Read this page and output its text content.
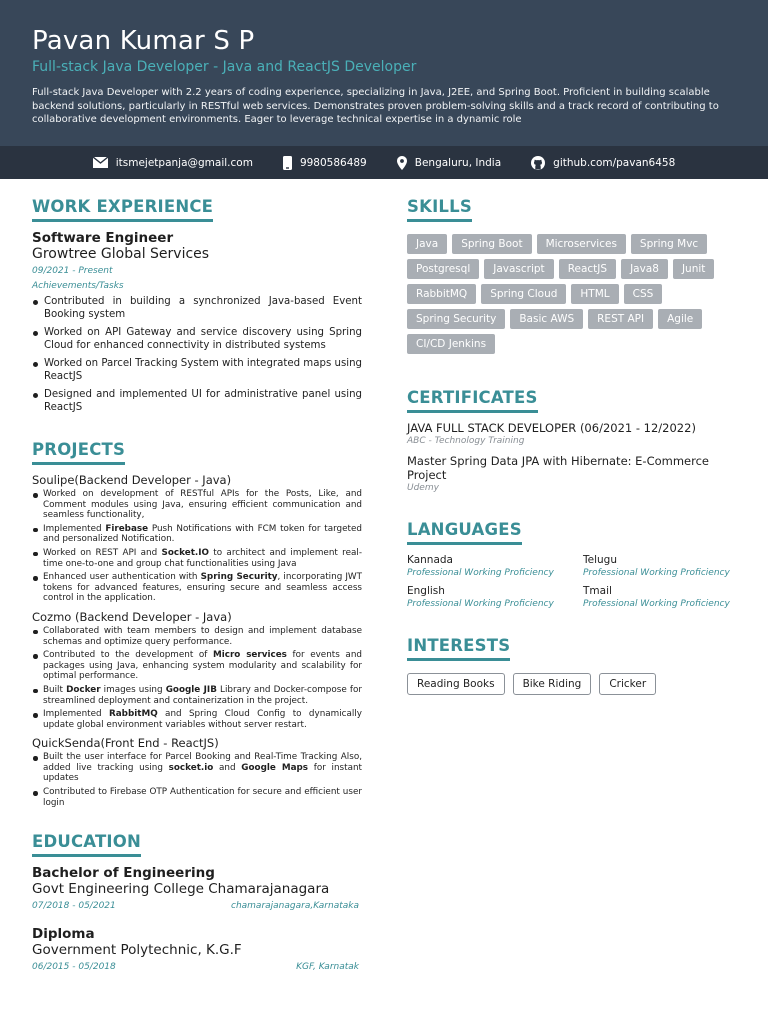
Pavan Kumar S P
Full-stack Java Developer - Java and ReactJS Developer

Full-stack Java Developer with 2.2 years of coding experience, specializing in Java, J2EE, and Spring Boot. Proficient in building scalable backend solutions, particularly in RESTful web services. Demonstrates proven problem-solving skills and a track record of contributing to collaborative development environments. Eager to leverage technical expertise in a dynamic role

itsmejetpanja@gmail.com	9980586489	Bengaluru, India	github.com/pavan6458
WORK EXPERIENCE
Software Engineer
Growtree Global Services
09/2021 - Present
Achievements/Tasks
Contributed in building a synchronized Java-based Event Booking system
Worked on API Gateway and service discovery using Spring Cloud for enhanced connectivity in distributed systems
Worked on Parcel Tracking System with integrated maps using ReactJS
Designed and implemented UI for administrative panel using ReactJS
PROJECTS
Soulipe(Backend Developer - Java)
Worked on development of RESTful APIs for the Posts, Like, and Comment modules using Java, ensuring efficient communication and seamless functionality,
Implemented Firebase Push Notifications with FCM token for targeted and personalized Notification.
Worked on REST API and Socket.IO to architect and implement real-time one-to-one and group chat functionalities using Java
Enhanced user authentication with Spring Security, incorporating JWT tokens for advanced features, ensuring secure and seamless access control in the application.
Cozmo (Backend Developer - Java)
Collaborated with team members to design and implement database schemas and optimize query performance.
Contributed to the development of Micro services for events and packages using Java, enhancing system modularity and scalability for optimal performance.
Built Docker images using Google JIB Library and Docker-compose for streamlined deployment and containerization in the project.
Implemented RabbitMQ and Spring Cloud Config to dynamically update global environment variables without server restart.
QuickSenda(Front End - ReactJS)
Built the user interface for Parcel Booking and Real-Time Tracking Also, added live tracking using socket.io and Google Maps for instant updates
Contributed to Firebase OTP Authentication for secure and efficient user login
EDUCATION
Bachelor of Engineering
Govt Engineering College Chamarajanagara
07/2018 - 05/2021	chamarajanagara,Karnataka
Diploma
Government Polytechnic, K.G.F
06/2015 - 05/2018	KGF, Karnatak
SKILLS
Java	Spring Boot	Microservices	Spring Mvc
Postgresql	Javascript	ReactJS	Java8	Junit
RabbitMQ	Spring Cloud	HTML	CSS
Spring Security	Basic AWS	REST API	Agile
CI/CD Jenkins
CERTIFICATES
JAVA FULL STACK DEVELOPER (06/2021 - 12/2022)
ABC - Technology Training
Master Spring Data JPA with Hibernate: E-Commerce Project
Udemy
LANGUAGES
Kannada
Professional Working Proficiency
Telugu
Professional Working Proficiency
English
Professional Working Proficiency
Tmail
Professional Working Proficiency
INTERESTS
Reading Books	Bike Riding	Cricker
